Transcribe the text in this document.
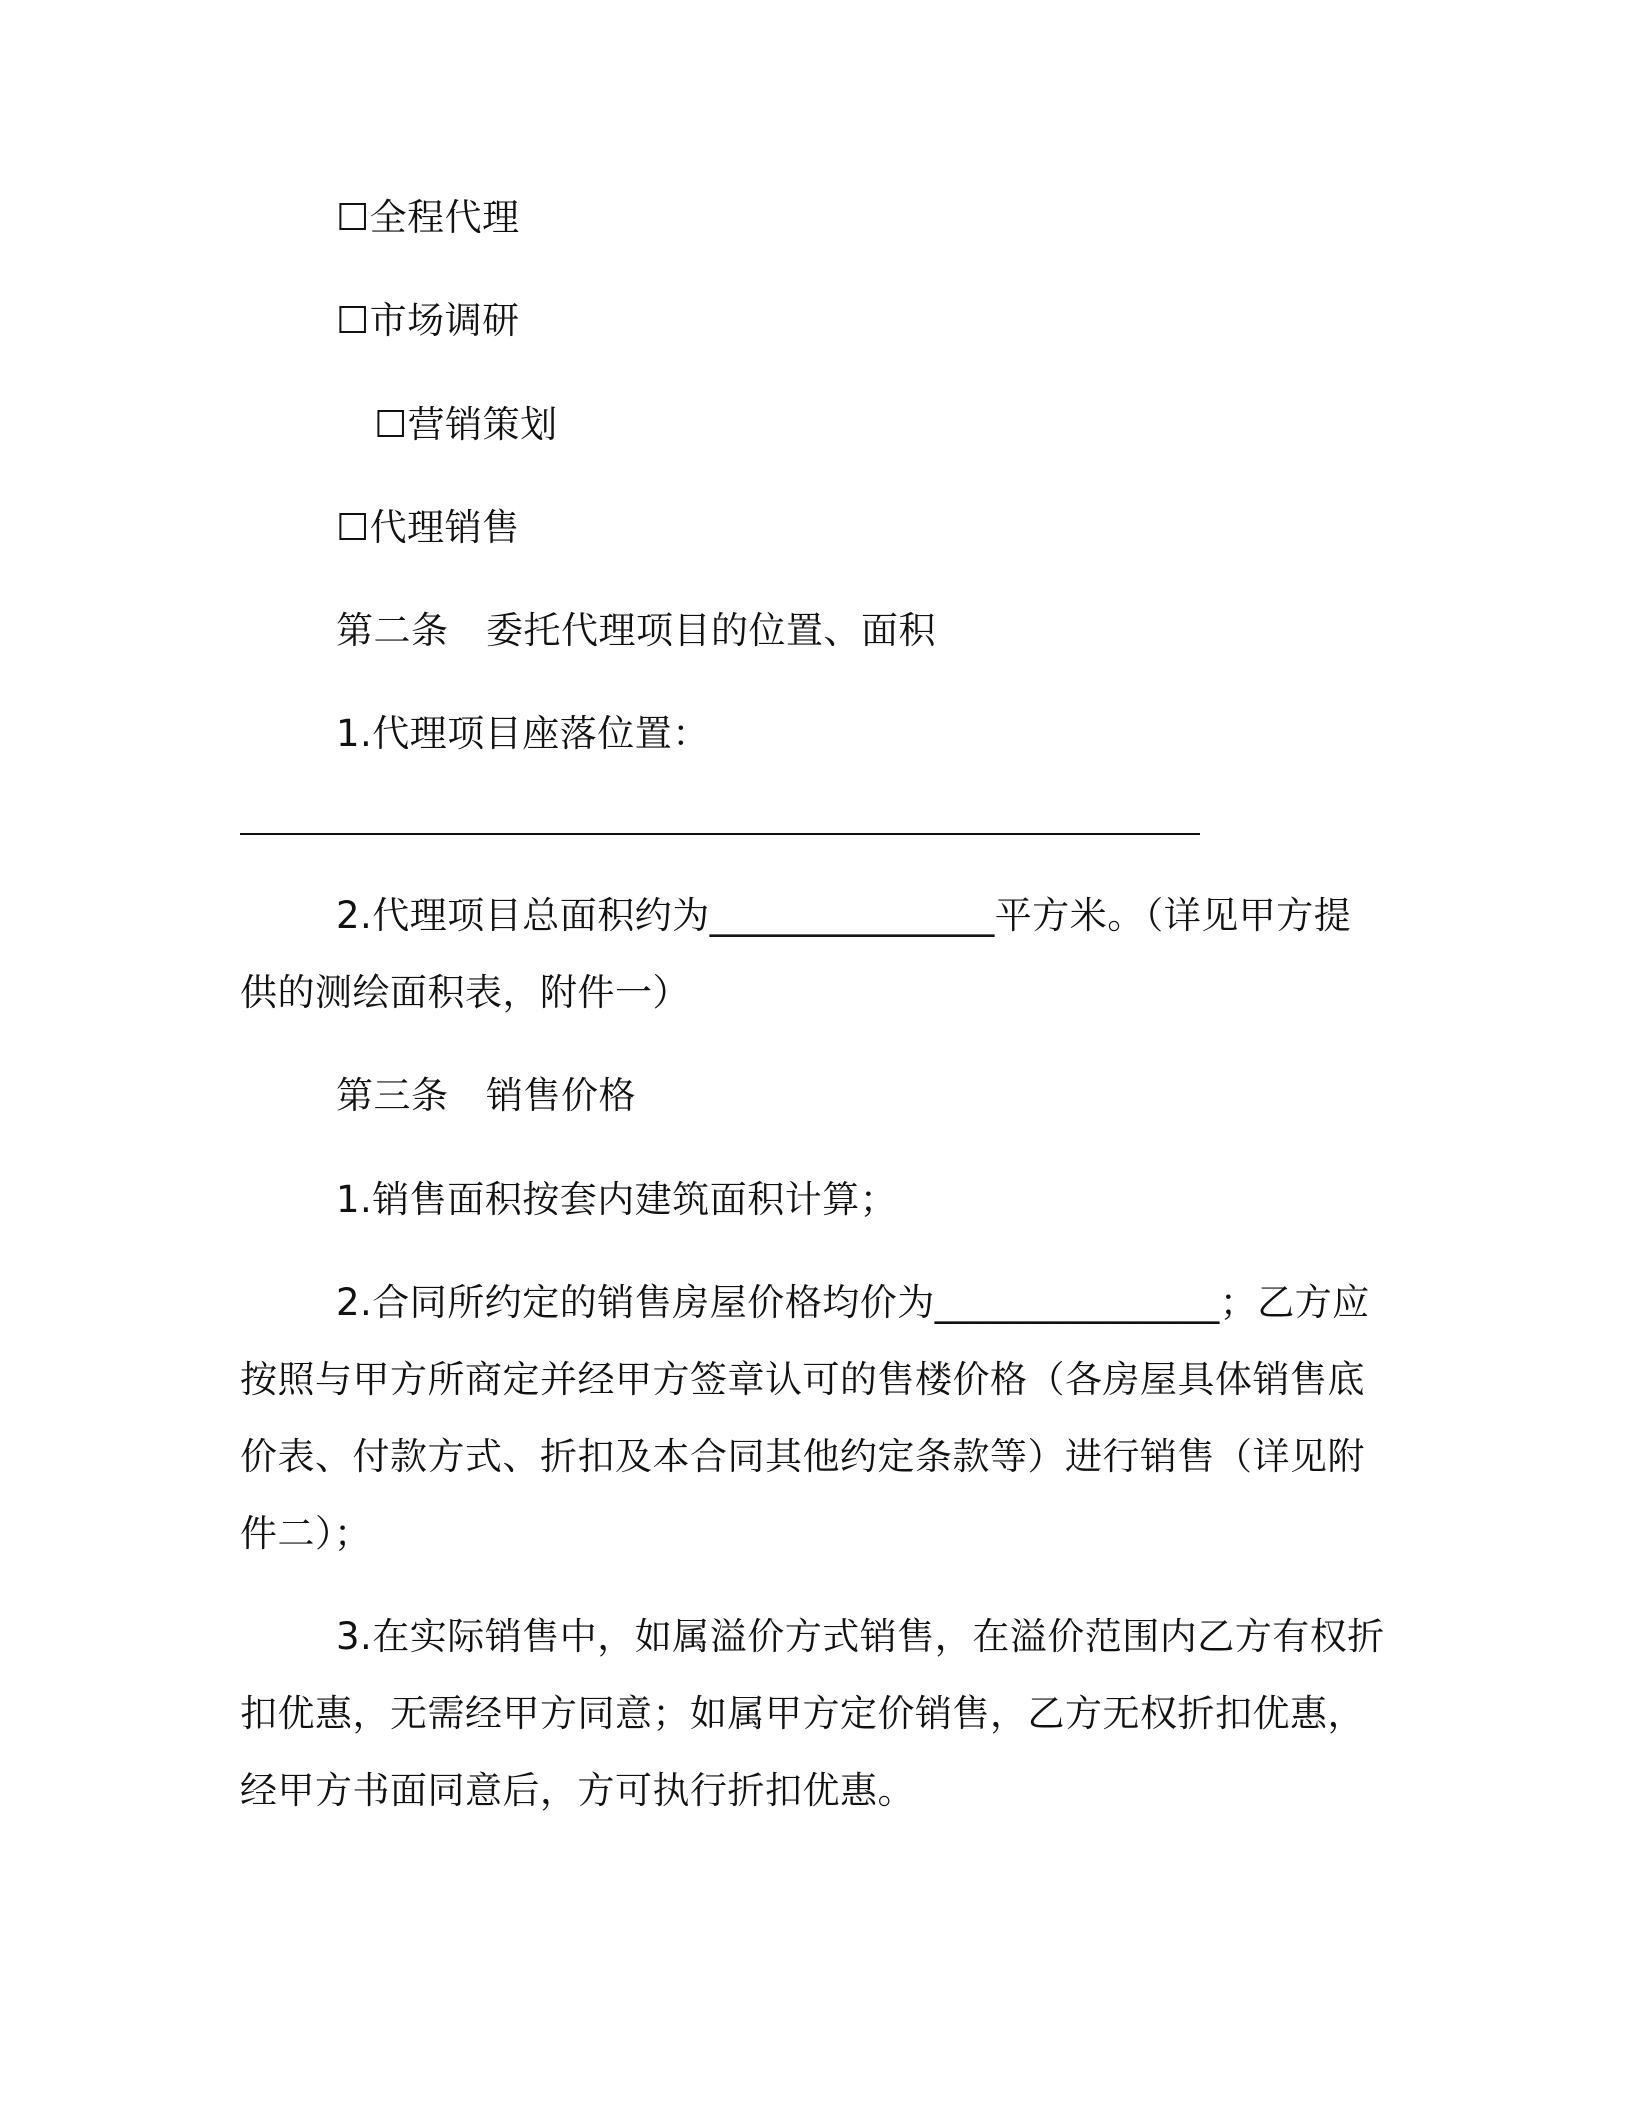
☐全程代理
☐市场调研
☐营销策划
☐代理销售
第二条　委托代理项目的位置、面积
1.代理项目座落位置：
2.代理项目总面积约为_______________平方米。（详见甲方提
供的测绘面积表，附件一）
第三条　销售价格
1.销售面积按套内建筑面积计算；
2.合同所约定的销售房屋价格均价为_______________；乙方应
按照与甲方所商定并经甲方签章认可的售楼价格（各房屋具体销售底
价表、付款方式、折扣及本合同其他约定条款等）进行销售（详见附
件二）；
3.在实际销售中，如属溢价方式销售，在溢价范围内乙方有权折
扣优惠，无需经甲方同意；如属甲方定价销售，乙方无权折扣优惠，
经甲方书面同意后，方可执行折扣优惠。
